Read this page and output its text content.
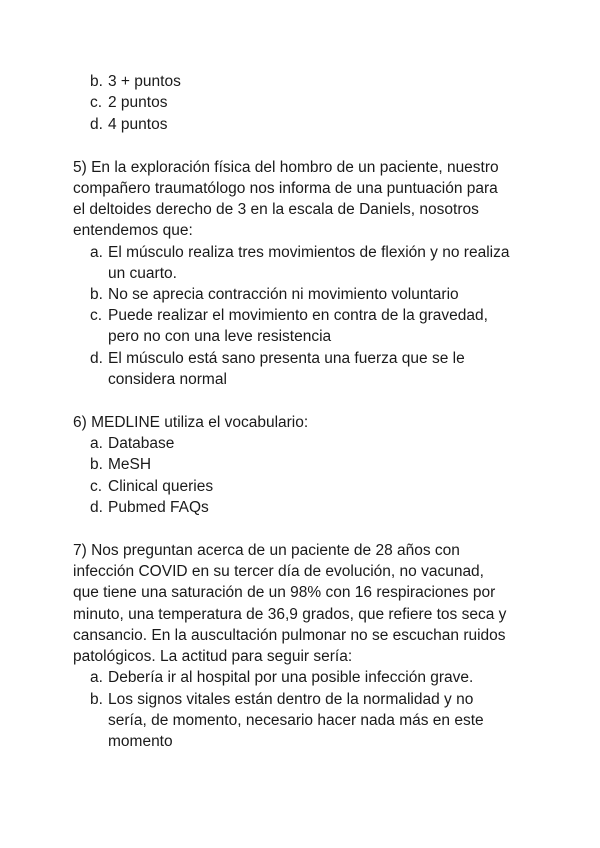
b. 3 + puntos
c. 2 puntos
d. 4 puntos
5) En la exploración física del hombro de un paciente, nuestro
compañero traumatólogo nos informa de una puntuación para
el deltoides derecho de 3 en la escala de Daniels, nosotros
entendemos que:
a. El músculo realiza tres movimientos de flexión y no realiza
un cuarto.
b. No se aprecia contracción ni movimiento voluntario
c. Puede realizar el movimiento en contra de la gravedad,
pero no con una leve resistencia
d. El músculo está sano presenta una fuerza que se le
considera normal
6) MEDLINE utiliza el vocabulario:
a. Database
b. MeSH
c. Clinical queries
d. Pubmed FAQs
7) Nos preguntan acerca de un paciente de 28 años con
infección COVID en su tercer día de evolución, no vacunad,
que tiene una saturación de un 98% con 16 respiraciones por
minuto, una temperatura de 36,9 grados, que refiere tos seca y
cansancio. En la auscultación pulmonar no se escuchan ruidos
patológicos. La actitud para seguir sería:
a. Debería ir al hospital por una posible infección grave.
b. Los signos vitales están dentro de la normalidad y no
sería, de momento, necesario hacer nada más en este
momento
